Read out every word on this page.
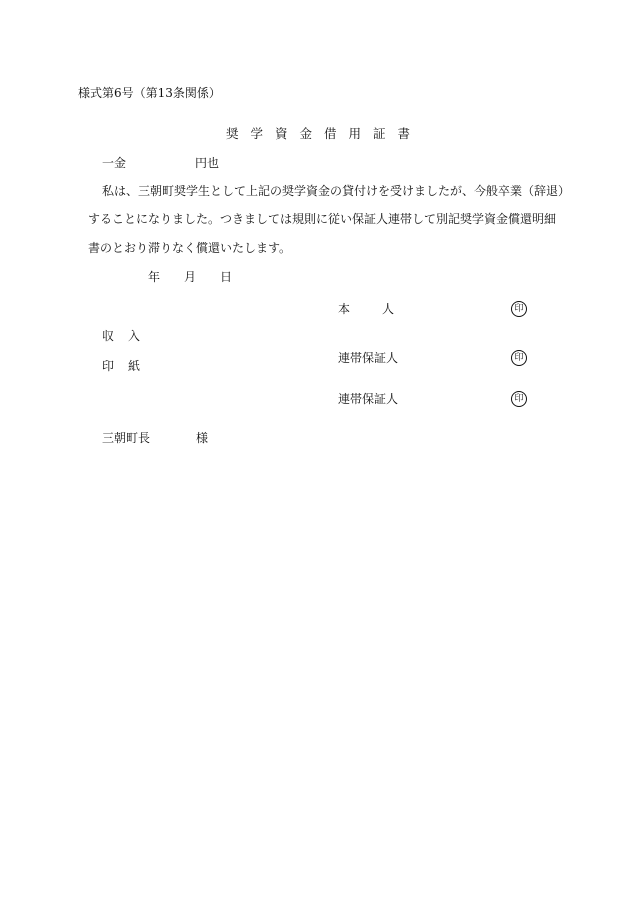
様式第6号（第13条関係）
奨学資金借用証書
一金	円也
私は、三朝町奨学生として上記の奨学資金の貸付けを受けましたが、今般卒業（辞退）
することになりました。つきましては規則に従い保証人連帯して別記奨学資金償還明細
書のとおり滞りなく償還いたします。
年 月 日
本　人	印
収入
印紙
連帯保証人	印
連帯保証人	印
三朝町長	様
